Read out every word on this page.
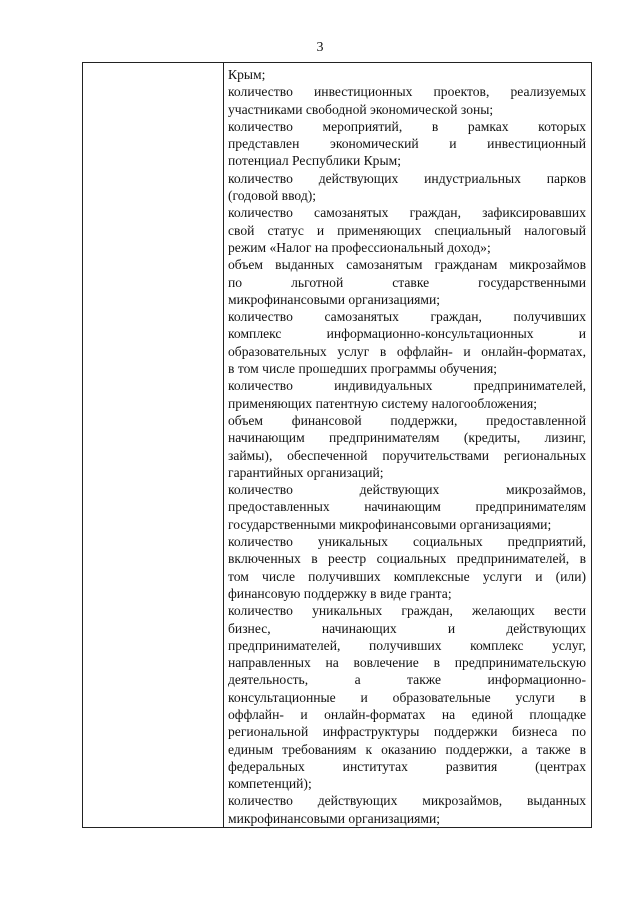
3
Крым;
количество инвестиционных проектов, реализуемых
участниками свободной экономической зоны;
количество мероприятий, в рамках которых
представлен экономический и инвестиционный
потенциал Республики Крым;
количество действующих индустриальных парков
(годовой ввод);
количество самозанятых граждан, зафиксировавших
свой статус и применяющих специальный налоговый
режим «Налог на профессиональный доход»;
объем выданных самозанятым гражданам микрозаймов
по льготной ставке государственными
микрофинансовыми организациями;
количество самозанятых граждан, получивших
комплекс информационно-консультационных и
образовательных услуг в оффлайн- и онлайн-форматах,
в том числе прошедших программы обучения;
количество индивидуальных предпринимателей,
применяющих патентную систему налогообложения;
объем финансовой поддержки, предоставленной
начинающим предпринимателям (кредиты, лизинг,
займы), обеспеченной поручительствами региональных
гарантийных организаций;
количество действующих микрозаймов,
предоставленных начинающим предпринимателям
государственными микрофинансовыми организациями;
количество уникальных социальных предприятий,
включенных в реестр социальных предпринимателей, в
том числе получивших комплексные услуги и (или)
финансовую поддержку в виде гранта;
количество уникальных граждан, желающих вести
бизнес, начинающих и действующих
предпринимателей, получивших комплекс услуг,
направленных на вовлечение в предпринимательскую
деятельность, а также информационно-
консультационные и образовательные услуги в
оффлайн- и онлайн-форматах на единой площадке
региональной инфраструктуры поддержки бизнеса по
единым требованиям к оказанию поддержки, а также в
федеральных институтах развития (центрах
компетенций);
количество действующих микрозаймов, выданных
микрофинансовыми организациями;
